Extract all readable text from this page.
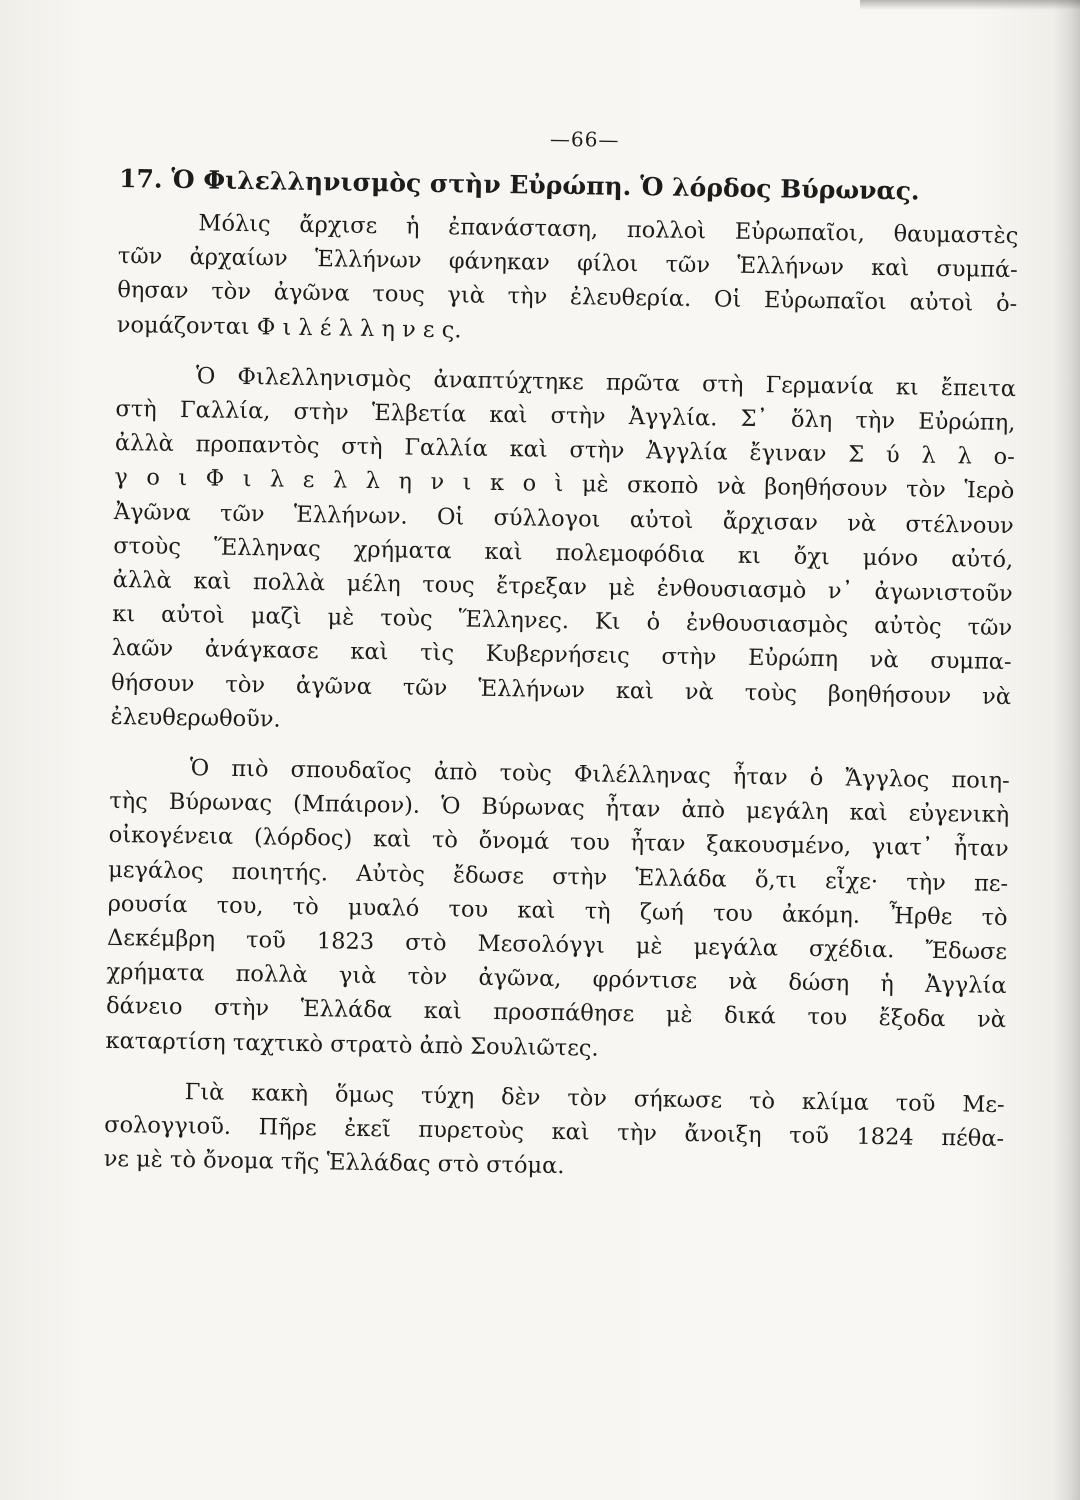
—66—
17. Ὁ Φιλελληνισμὸς στὴν Εὐρώπη. Ὁ λόρδος Βύρωνας.
Μόλις ἄρχισε ἡ ἐπανάσταση, πολλοὶ Εὐρωπαῖοι, θαυμαστὲς
τῶν ἀρχαίων Ἑλλήνων φάνηκαν φίλοι τῶν Ἑλλήνων καὶ συμπά-
θησαν τὸν ἀγῶνα τους γιὰ τὴν ἐλευθερία. Οἱ Εὐρωπαῖοι αὐτοὶ ὀ-
νομάζονται Φ ι λ έ λ λ η ν ε ς.
Ὁ Φιλελληνισμὸς ἀναπτύχτηκε πρῶτα στὴ Γερμανία κι ἔπειτα
στὴ Γαλλία, στὴν Ἑλβετία καὶ στὴν Ἀγγλία. Σ᾿ ὅλη τὴν Εὐρώπη,
ἀλλὰ προπαντὸς στὴ Γαλλία καὶ στὴν Ἀγγλία ἔγιναν Σ ύ λ λ ο-
γ ο ι Φ ι λ ε λ λ η ν ι κ ο ὶ μὲ σκοπὸ νὰ βοηθήσουν τὸν Ἱερὸ
Ἀγῶνα τῶν Ἑλλήνων. Οἱ σύλλογοι αὐτοὶ ἄρχισαν νὰ στέλνουν
στοὺς Ἕλληνας χρήματα καὶ πολεμοφόδια κι ὄχι μόνο αὐτό,
ἀλλὰ καὶ πολλὰ μέλη τους ἔτρεξαν μὲ ἐνθουσιασμὸ ν᾿ ἀγωνιστοῦν
κι αὐτοὶ μαζὶ μὲ τοὺς Ἕλληνες. Κι ὁ ἐνθουσιασμὸς αὐτὸς τῶν
λαῶν ἀνάγκασε καὶ τὶς Κυβερνήσεις στὴν Εὐρώπη νὰ συμπα-
θήσουν τὸν ἀγῶνα τῶν Ἑλλήνων καὶ νὰ τοὺς βοηθήσουν νὰ
ἐλευθερωθοῦν.
Ὁ πιὸ σπουδαῖος ἀπὸ τοὺς Φιλέλληνας ἦταν ὁ Ἄγγλος ποιη-
τὴς Βύρωνας (Μπάιρον). Ὁ Βύρωνας ἦταν ἀπὸ μεγάλη καὶ εὐγενικὴ
οἰκογένεια (λόρδος) καὶ τὸ ὄνομά του ἦταν ξακουσμένο, γιατ᾿ ἦταν
μεγάλος ποιητής. Αὐτὸς ἔδωσε στὴν Ἑλλάδα ὅ,τι εἶχε· τὴν πε-
ρουσία του, τὸ μυαλό του καὶ τὴ ζωή του ἀκόμη. Ἦρθε τὸ
Δεκέμβρη τοῦ 1823 στὸ Μεσολόγγι μὲ μεγάλα σχέδια. Ἔδωσε
χρήματα πολλὰ γιὰ τὸν ἀγῶνα, φρόντισε νὰ δώση ἡ Ἀγγλία
δάνειο στὴν Ἑλλάδα καὶ προσπάθησε μὲ δικά του ἔξοδα νὰ
καταρτίση ταχτικὸ στρατὸ ἀπὸ Σουλιῶτες.
Γιὰ κακὴ ὅμως τύχη δὲν τὸν σήκωσε τὸ κλίμα τοῦ Με-
σολογγιοῦ. Πῆρε ἐκεῖ πυρετοὺς καὶ τὴν ἄνοιξη τοῦ 1824 πέθα-
νε μὲ τὸ ὄνομα τῆς Ἑλλάδας στὸ στόμα.
